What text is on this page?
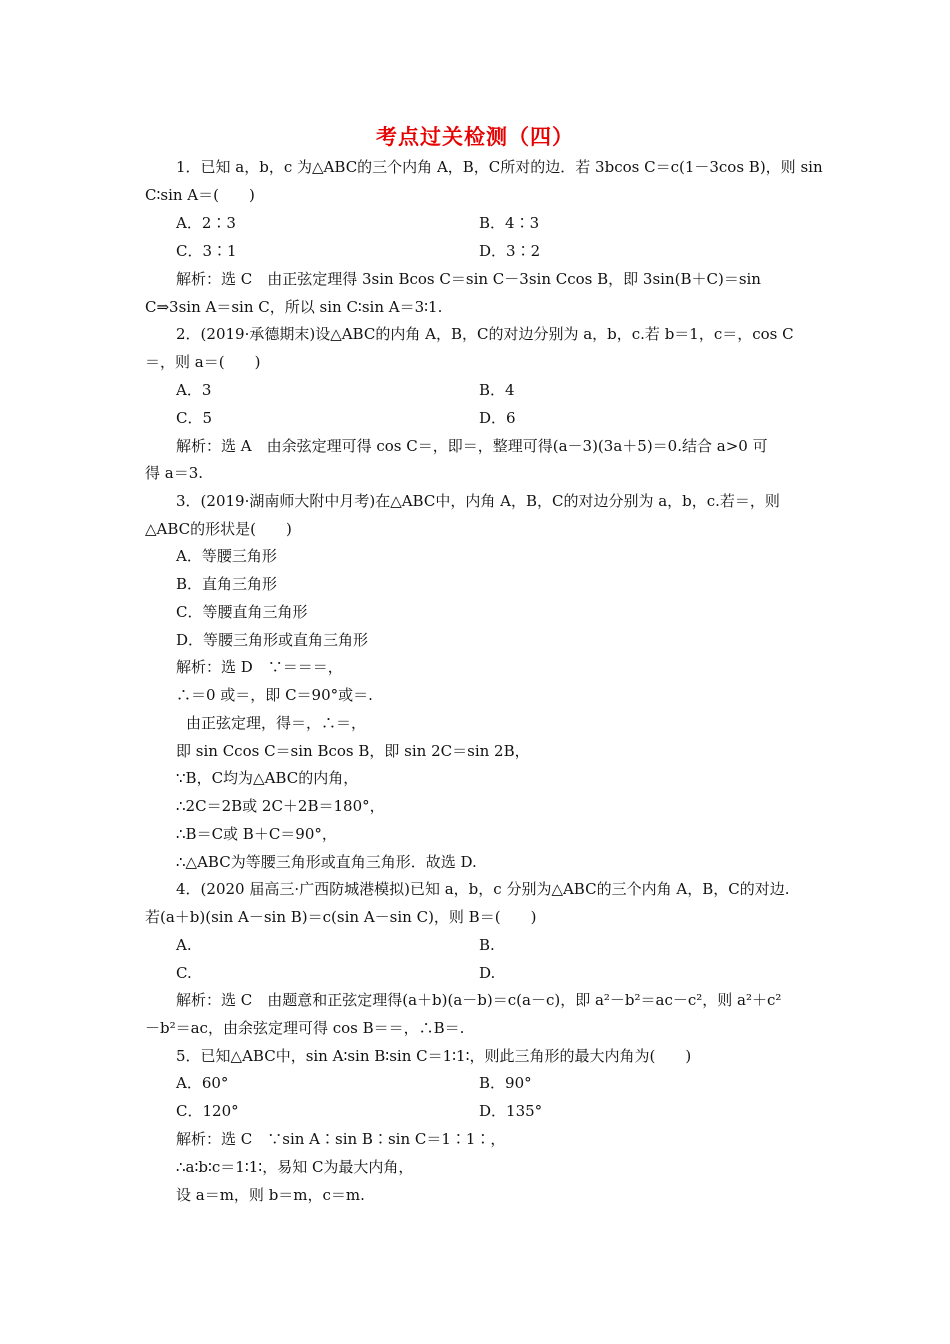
考点过关检测（四）
1．已知 a，b，c 为△ABC的三个内角 A，B，C所对的边．若 3bcos C＝c(1－3cos B)，则 sin
C∶sin A＝(　　)
A．2∶3
C．3∶1
解析：选 C　由正弦定理得 3sin Bcos C＝sin C－3sin Ccos B，即 3sin(B＋C)＝sin
C⇒3sin A＝sin C，所以 sin C∶sin A＝3∶1.
2．(2019·承德期末)设△ABC的内角 A，B，C的对边分别为 a，b，c.若 b＝1，c＝，cos C
＝，则 a＝(　　)
A．3
C．5
解析：选 A　由余弦定理可得 cos C＝，即＝，整理可得(a－3)(3a＋5)＝0.结合 a>0 可
得 a＝3.
3．(2019·湖南师大附中月考)在△ABC中，内角 A，B，C的对边分别为 a，b，c.若＝，则
△ABC的形状是(　　)
A．等腰三角形
B．直角三角形
C．等腰直角三角形
D．等腰三角形或直角三角形
解析：选 D　∵＝＝＝，
∴＝0 或＝，即 C＝90°或＝.
由正弦定理，得＝，∴＝，
即 sin Ccos C＝sin Bcos B，即 sin 2C＝sin 2B，
∵B，C均为△ABC的内角，
∴2C＝2B或 2C＋2B＝180°，
∴B＝C或 B＋C＝90°，
∴△ABC为等腰三角形或直角三角形．故选 D.
4．(2020 届高三·广西防城港模拟)已知 a，b，c 分别为△ABC的三个内角 A，B，C的对边.
若(a＋b)(sin A－sin B)＝c(sin A－sin C)，则 B＝(　　)
A.
C.
解析：选 C　由题意和正弦定理得(a＋b)(a－b)＝c(a－c)，即 a²－b²＝ac－c²，则 a²＋c²
－b²＝ac，由余弦定理可得 cos B＝＝，∴B＝.
5．已知△ABC中，sin A∶sin B∶sin C＝1∶1∶，则此三角形的最大内角为(　　)
A．60°
C．120°
解析：选 C　∵sin A∶sin B∶sin C＝1∶1∶，
∴a∶b∶c＝1∶1∶，易知 C为最大内角，
设 a＝m，则 b＝m，c＝m.
B．4∶3
D．3∶2
B．4
D．6
B.
D.
B．90°
D．135°
